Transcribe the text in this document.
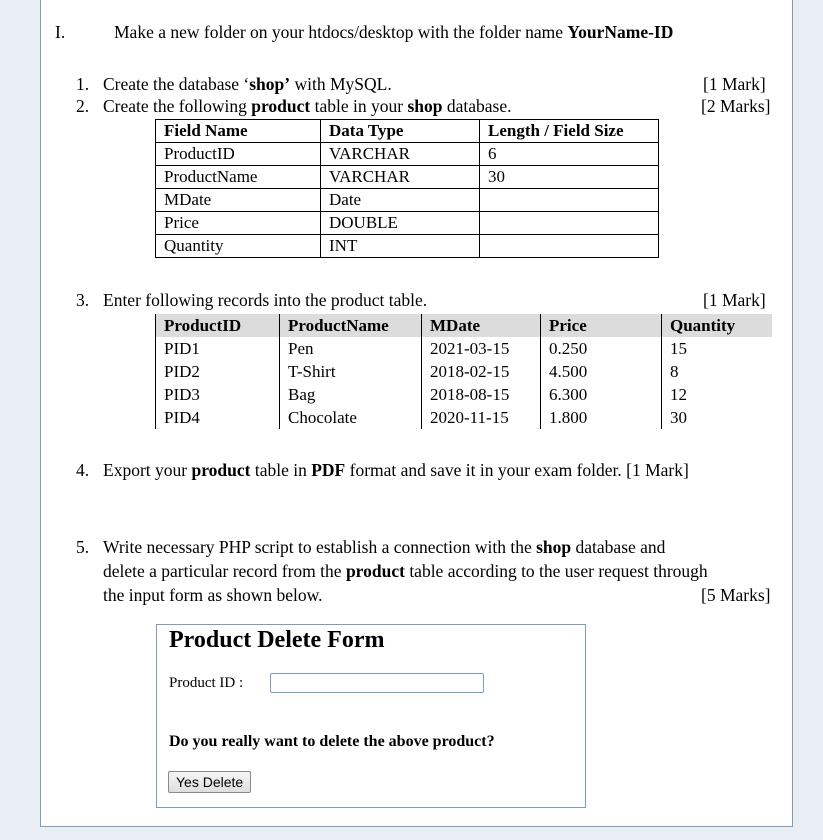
I.	Make a new folder on your htdocs/desktop with the folder name YourName-ID
1. Create the database ‘shop’ with MySQL.	[1 Mark]
2. Create the following product table in your shop database.	[2 Marks]
Field Name	Data Type	Length / Field Size
ProductID	VARCHAR	6
ProductName	VARCHAR	30
MDate	Date	
Price	DOUBLE	
Quantity	INT	
3. Enter following records into the product table.	[1 Mark]
ProductID	ProductName	MDate	Price	Quantity
PID1	Pen	2021-03-15	0.250	15
PID2	T-Shirt	2018-02-15	4.500	8
PID3	Bag	2018-08-15	6.300	12
PID4	Chocolate	2020-11-15	1.800	30
4. Export your product table in PDF format and save it in your exam folder. [1 Mark]
5. Write necessary PHP script to establish a connection with the shop database and
delete a particular record from the product table according to the user request through
the input form as shown below.	[5 Marks]
Product Delete Form
Product ID :
Do you really want to delete the above product?
Yes Delete
